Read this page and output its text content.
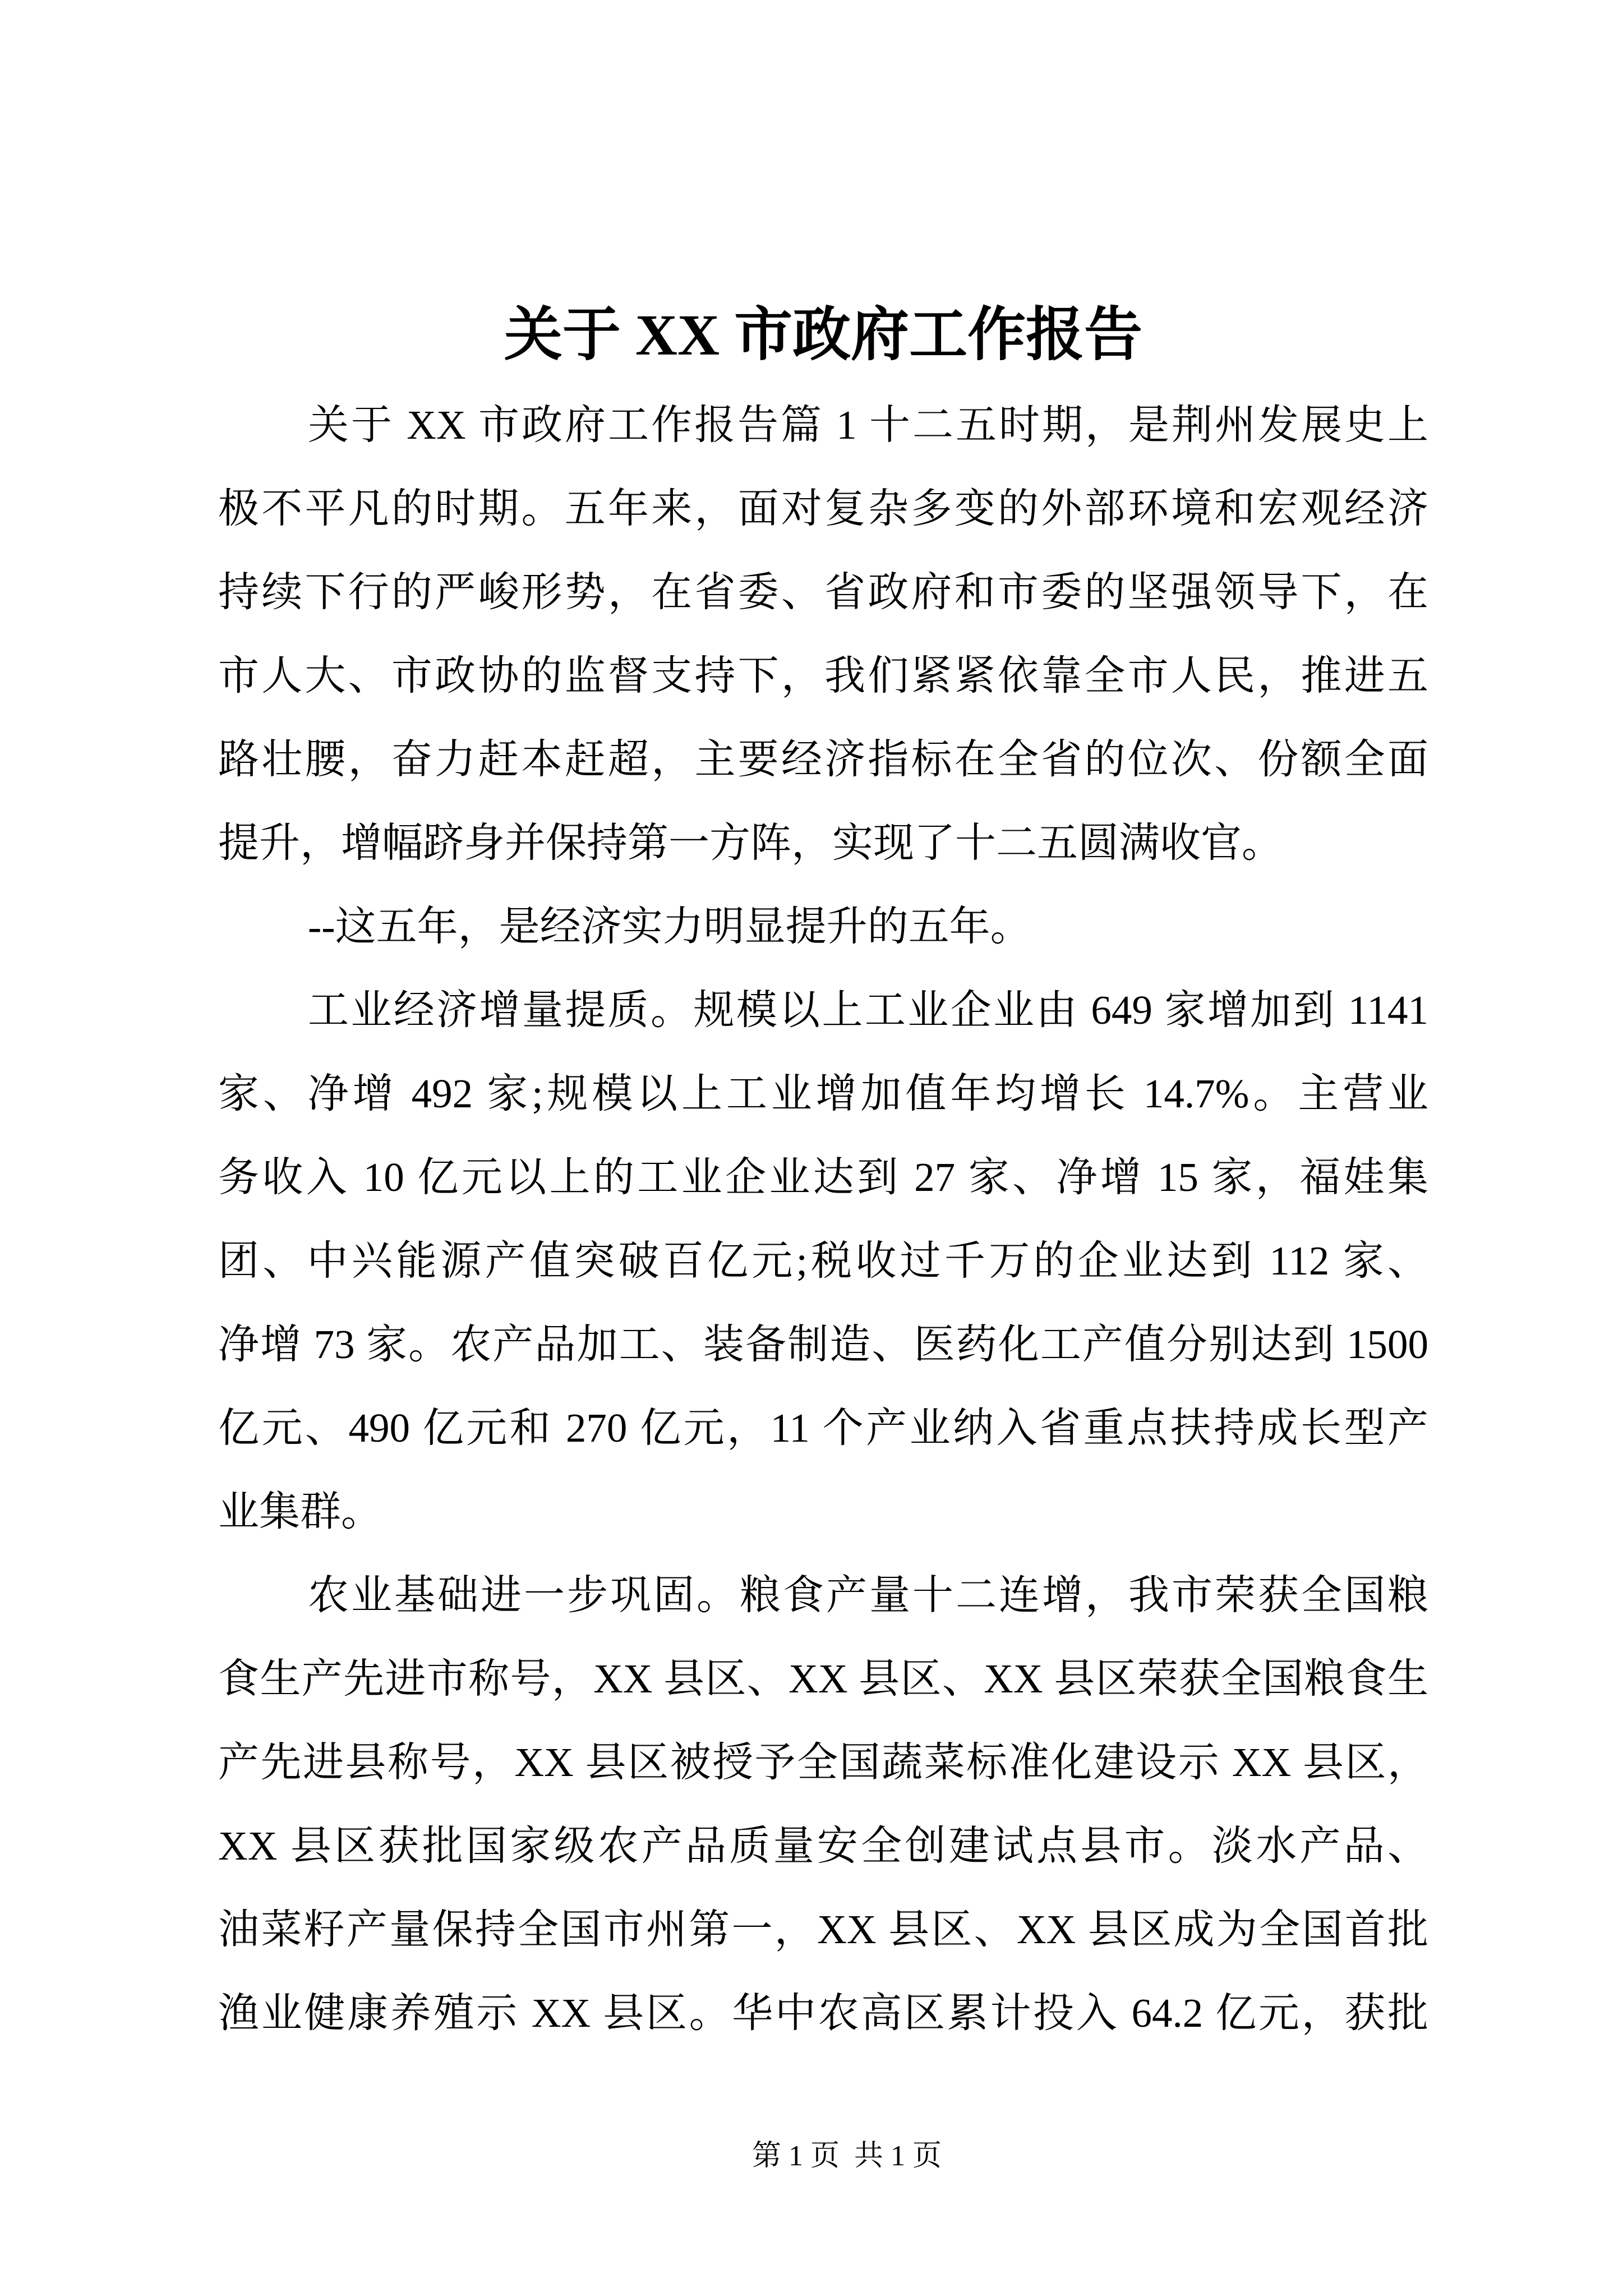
关于 XX 市政府工作报告
关于 XX 市政府工作报告篇 1 十二五时期，是荆州发展史上
极不平凡的时期。五年来，面对复杂多变的外部环境和宏观经济
持续下行的严峻形势，在省委、省政府和市委的坚强领导下，在
市人大、市政协的监督支持下，我们紧紧依靠全市人民，推进五
路壮腰，奋力赶本赶超，主要经济指标在全省的位次、份额全面
提升，增幅跻身并保持第一方阵，实现了十二五圆满收官。
--这五年，是经济实力明显提升的五年。
工业经济增量提质。规模以上工业企业由 649 家增加到 1141
家、净增 492 家;规模以上工业增加值年均增长 14.7%。主营业
务收入 10 亿元以上的工业企业达到 27 家、净增 15 家，福娃集
团、中兴能源产值突破百亿元;税收过千万的企业达到 112 家、
净增 73 家。农产品加工、装备制造、医药化工产值分别达到 1500
亿元、490 亿元和 270 亿元，11 个产业纳入省重点扶持成长型产
业集群。
农业基础进一步巩固。粮食产量十二连增，我市荣获全国粮
食生产先进市称号，XX 县区、XX 县区、XX 县区荣获全国粮食生
产先进县称号，XX 县区被授予全国蔬菜标准化建设示 XX 县区，
XX 县区获批国家级农产品质量安全创建试点县市。淡水产品、
油菜籽产量保持全国市州第一，XX 县区、XX 县区成为全国首批
渔业健康养殖示 XX 县区。华中农高区累计投入 64.2 亿元，获批
第 1 页  共 1 页
